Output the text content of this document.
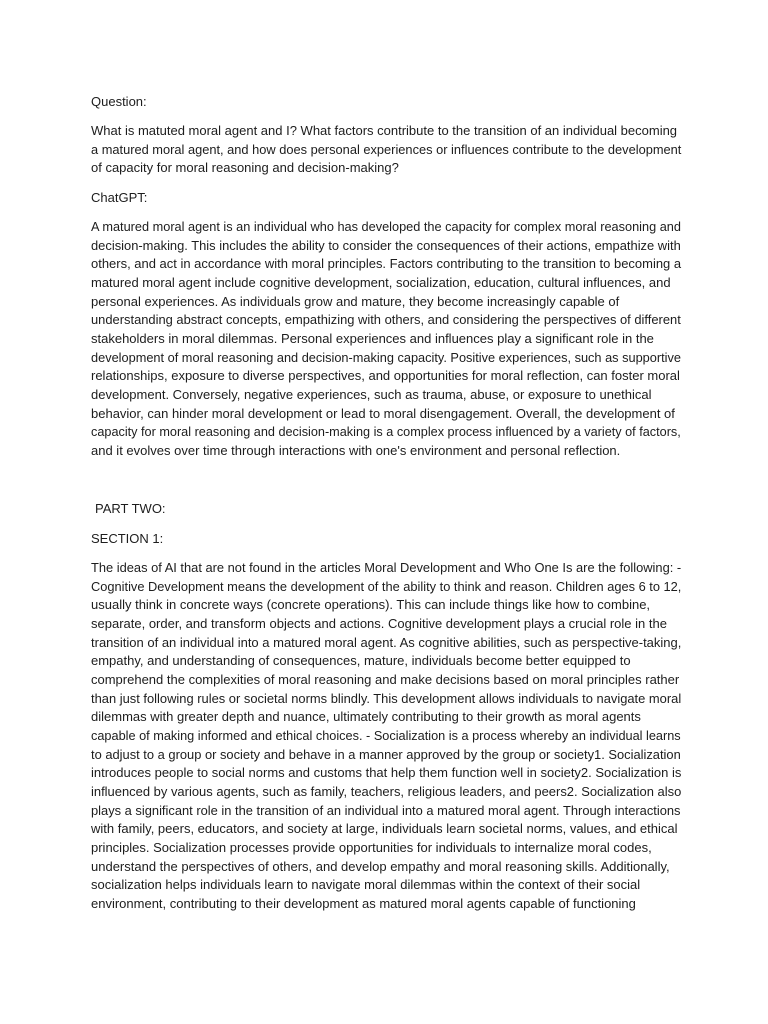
Question:
What is matuted moral agent and I? What factors contribute to the transition of an individual becoming
a matured moral agent, and how does personal experiences or influences contribute to the development
of capacity for moral reasoning and decision-making?
ChatGPT:
A matured moral agent is an individual who has developed the capacity for complex moral reasoning and
decision-making. This includes the ability to consider the consequences of their actions, empathize with
others, and act in accordance with moral principles. Factors contributing to the transition to becoming a
matured moral agent include cognitive development, socialization, education, cultural influences, and
personal experiences. As individuals grow and mature, they become increasingly capable of
understanding abstract concepts, empathizing with others, and considering the perspectives of different
stakeholders in moral dilemmas. Personal experiences and influences play a significant role in the
development of moral reasoning and decision-making capacity. Positive experiences, such as supportive
relationships, exposure to diverse perspectives, and opportunities for moral reflection, can foster moral
development. Conversely, negative experiences, such as trauma, abuse, or exposure to unethical
behavior, can hinder moral development or lead to moral disengagement. Overall, the development of
capacity for moral reasoning and decision-making is a complex process influenced by a variety of factors,
and it evolves over time through interactions with one's environment and personal reflection.
PART TWO:
SECTION 1:
The ideas of AI that are not found in the articles Moral Development and Who One Is are the following: -
Cognitive Development means the development of the ability to think and reason. Children ages 6 to 12,
usually think in concrete ways (concrete operations). This can include things like how to combine,
separate, order, and transform objects and actions. Cognitive development plays a crucial role in the
transition of an individual into a matured moral agent. As cognitive abilities, such as perspective-taking,
empathy, and understanding of consequences, mature, individuals become better equipped to
comprehend the complexities of moral reasoning and make decisions based on moral principles rather
than just following rules or societal norms blindly. This development allows individuals to navigate moral
dilemmas with greater depth and nuance, ultimately contributing to their growth as moral agents
capable of making informed and ethical choices. - Socialization is a process whereby an individual learns
to adjust to a group or society and behave in a manner approved by the group or society1. Socialization
introduces people to social norms and customs that help them function well in society2. Socialization is
influenced by various agents, such as family, teachers, religious leaders, and peers2. Socialization also
plays a significant role in the transition of an individual into a matured moral agent. Through interactions
with family, peers, educators, and society at large, individuals learn societal norms, values, and ethical
principles. Socialization processes provide opportunities for individuals to internalize moral codes,
understand the perspectives of others, and develop empathy and moral reasoning skills. Additionally,
socialization helps individuals learn to navigate moral dilemmas within the context of their social
environment, contributing to their development as matured moral agents capable of functioning
